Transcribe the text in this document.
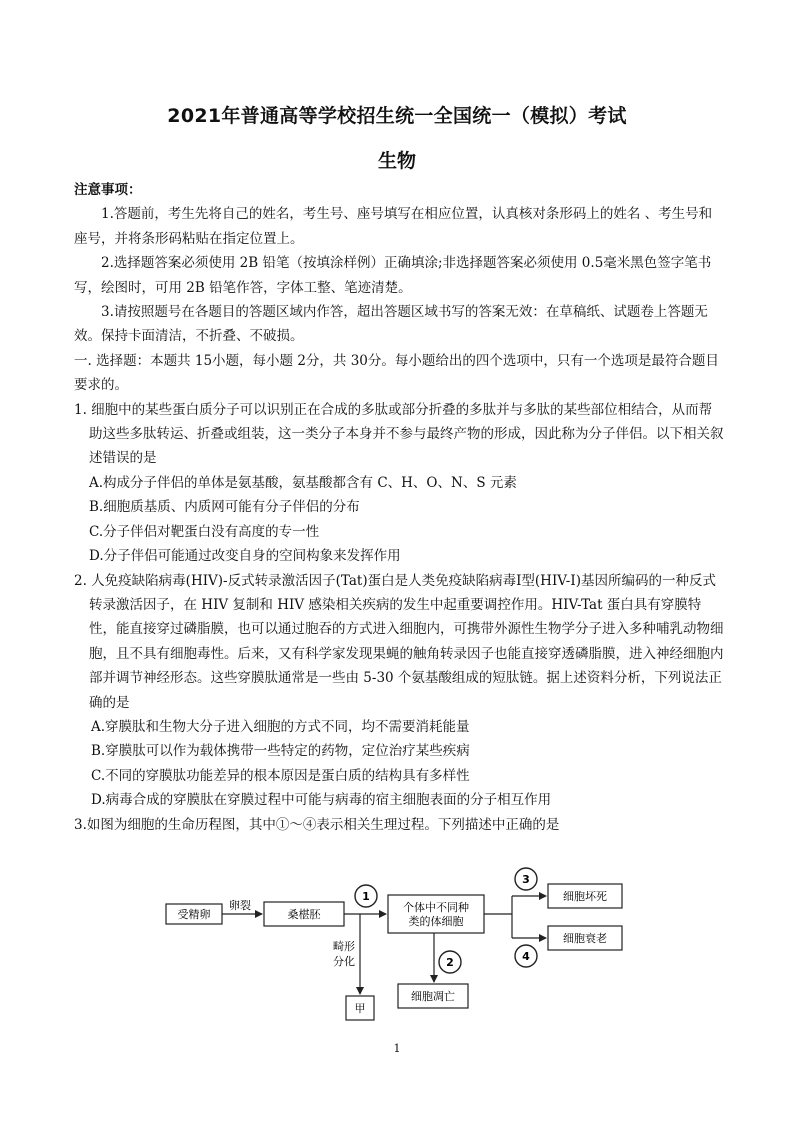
2021年普通高等学校招生统一全国统一（模拟）考试
生物

注意事项：

1.答题前，考生先将自己的姓名，考生号、座号填写在相应位置，认真核对条形码上的姓名 、考生号和座号，并将条形码粘贴在指定位置上。

2.选择题答案必须使用 2B 铅笔（按填涂样例）正确填涂;非选择题答案必须使用 0.5毫米黑色签字笔书写，绘图时，可用 2B 铅笔作答，字体工整、笔迹清楚。

3.请按照题号在各题目的答题区域内作答，超出答题区域书写的答案无效：在草稿纸、试题卷上答题无效。保持卡面清洁，不折叠、不破损。

一. 选择题：本题共 15小题，每小题 2分，共 30分。每小题给出的四个选项中，只有一个选项是最符合题目要求的。

1. 细胞中的某些蛋白质分子可以识别正在合成的多肽或部分折叠的多肽并与多肽的某些部位相结合，从而帮助这些多肽转运、折叠或组装，这一类分子本身并不参与最终产物的形成，因此称为分子伴侣。以下相关叙述错误的是

A.构成分子伴侣的单体是氨基酸，氨基酸都含有 C、H、O、N、S 元素

B.细胞质基质、内质网可能有分子伴侣的分布

C.分子伴侣对靶蛋白没有高度的专一性

D.分子伴侣可能通过改变自身的空间构象来发挥作用

2. 人免疫缺陷病毒(HIV)-反式转录激活因子(Tat)蛋白是人类免疫缺陷病毒Ⅰ型(HIV-Ⅰ)基因所编码的一种反式转录激活因子，在 HIV 复制和 HIV 感染相关疾病的发生中起重要调控作用。HIV-Tat 蛋白具有穿膜特性，能直接穿过磷脂膜，也可以通过胞吞的方式进入细胞内，可携带外源性生物学分子进入多种哺乳动物细胞，且不具有细胞毒性。后来，又有科学家发现果蝇的触角转录因子也能直接穿透磷脂膜，进入神经细胞内部并调节神经形态。这些穿膜肽通常是一些由 5-30 个氨基酸组成的短肽链。据上述资料分析，下列说法正确的是

A.穿膜肽和生物大分子进入细胞的方式不同，均不需要消耗能量

B.穿膜肽可以作为载体携带一些特定的药物，定位治疗某些疾病

C.不同的穿膜肽功能差异的根本原因是蛋白质的结构具有多样性

D.病毒合成的穿膜肽在穿膜过程中可能与病毒的宿主细胞表面的分子相互作用

3.如图为细胞的生命历程图，其中①～④表示相关生理过程。下列描述中正确的是

受精卵
卵裂
桑椹胚
1
畸形
分化
甲
个体中不同种
类的体细胞
2
细胞凋亡
3
4
细胞坏死
细胞衰老
1
